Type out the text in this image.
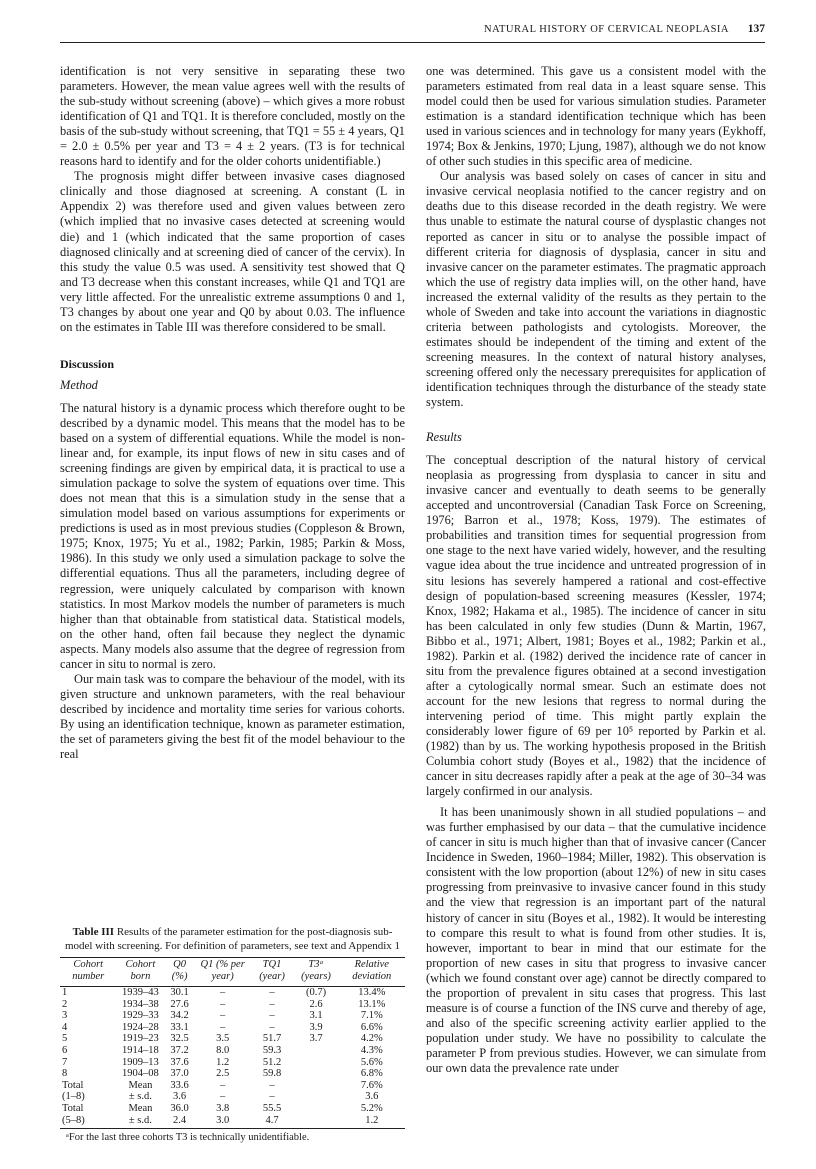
NATURAL HISTORY OF CERVICAL NEOPLASIA 137

identification is not very sensitive in separating these two parameters. However, the mean value agrees well with the results of the sub-study without screening (above) – which gives a more robust identification of Q1 and TQ1. It is therefore concluded, mostly on the basis of the sub-study without screening, that TQ1 = 55 ± 4 years, Q1 = 2.0 ± 0.5% per year and T3 = 4 ± 2 years. (T3 is for technical reasons hard to identify and for the older cohorts unidentifiable.)

The prognosis might differ between invasive cases diagnosed clinically and those diagnosed at screening. A constant (L in Appendix 2) was therefore used and given values between zero (which implied that no invasive cases detected at screening would die) and 1 (which indicated that the same proportion of cases diagnosed clinically and at screening died of cancer of the cervix). In this study the value 0.5 was used. A sensitivity test showed that Q and T3 decrease when this constant increases, while Q1 and TQ1 are very little affected. For the unrealistic extreme assumptions 0 and 1, T3 changes by about one year and Q0 by about 0.03. The influence on the estimates in Table III was therefore considered to be small.

Discussion
Method

The natural history is a dynamic process which therefore ought to be described by a dynamic model. This means that the model has to be based on a system of differential equations. While the model is non-linear and, for example, its input flows of new in situ cases and of screening findings are given by empirical data, it is practical to use a simulation package to solve the system of equations over time. This does not mean that this is a simulation study in the sense that a simulation model based on various assumptions for experiments or predictions is used as in most previous studies (Coppleson & Brown, 1975; Knox, 1975; Yu et al., 1982; Parkin, 1985; Parkin & Moss, 1986). In this study we only used a simulation package to solve the differential equations. Thus all the parameters, including degree of regression, were uniquely calculated by comparison with known statistics. In most Markov models the number of parameters is much higher than that obtainable from statistical data. Statistical models, on the other hand, often fail because they neglect the dynamic aspects. Many models also assume that the degree of regression from cancer in situ to normal is zero.

Our main task was to compare the behaviour of the model, with its given structure and unknown parameters, with the real behaviour described by incidence and mortality time series for various cohorts. By using an identification technique, known as parameter estimation, the set of parameters giving the best fit of the model behaviour to the real

Table III Results of the parameter estimation for the post-diagnosis sub-model with screening. For definition of parameters, see text and Appendix 1
Cohort number	Cohort born	Q0 (%)	Q1 (% per year)	TQ1 (year)	T3ᵃ (years)	Relative deviation
1	1939–43	30.1	–	–	(0.7)	13.4%
2	1934–38	27.6	–	–	2.6	13.1%
3	1929–33	34.2	–	–	3.1	7.1%
4	1924–28	33.1	–	–	3.9	6.6%
5	1919–23	32.5	3.5	51.7	3.7	4.2%
6	1914–18	37.2	8.0	59.3		4.3%
7	1909–13	37.6	1.2	51.2		5.6%
8	1904–08	37.0	2.5	59.8		6.8%
Total	Mean	33.6	–	–		7.6%
(1–8)	± s.d.	3.6	–	–		3.6
Total	Mean	36.0	3.8	55.5		5.2%
(5–8)	± s.d.	2.4	3.0	4.7		1.2
ᵃFor the last three cohorts T3 is technically unidentifiable.

one was determined. This gave us a consistent model with the parameters estimated from real data in a least square sense. This model could then be used for various simulation studies. Parameter estimation is a standard identification technique which has been used in various sciences and in technology for many years (Eykhoff, 1974; Box & Jenkins, 1970; Ljung, 1987), although we do not know of other such studies in this specific area of medicine.

Our analysis was based solely on cases of cancer in situ and invasive cervical neoplasia notified to the cancer registry and on deaths due to this disease recorded in the death registry. We were thus unable to estimate the natural course of dysplastic changes not reported as cancer in situ or to analyse the possible impact of different criteria for diagnosis of dysplasia, cancer in situ and invasive cancer on the parameter estimates. The pragmatic approach which the use of registry data implies will, on the other hand, have increased the external validity of the results as they pertain to the whole of Sweden and take into account the variations in diagnostic criteria between pathologists and cytologists. Moreover, the estimates should be independent of the timing and extent of the screening measures. In the context of natural history analyses, screening offered only the necessary prerequisites for application of identification techniques through the disturbance of the steady state system.

Results

The conceptual description of the natural history of cervical neoplasia as progressing from dysplasia to cancer in situ and invasive cancer and eventually to death seems to be generally accepted and uncontroversial (Canadian Task Force on Screening, 1976; Barron et al., 1978; Koss, 1979). The estimates of probabilities and transition times for sequential progression from one stage to the next have varied widely, however, and the resulting vague idea about the true incidence and untreated progression of in situ lesions has severely hampered a rational and cost-effective design of population-based screening measures (Kessler, 1974; Knox, 1982; Hakama et al., 1985). The incidence of cancer in situ has been calculated in only few studies (Dunn & Martin, 1967, Bibbo et al., 1971; Albert, 1981; Boyes et al., 1982; Parkin et al., 1982). Parkin et al. (1982) derived the incidence rate of cancer in situ from the prevalence figures obtained at a second investigation after a cytologically normal smear. Such an estimate does not account for the new lesions that regress to normal during the intervening period of time. This might partly explain the considerably lower figure of 69 per 10⁵ reported by Parkin et al. (1982) than by us. The working hypothesis proposed in the British Columbia cohort study (Boyes et al., 1982) that the incidence of cancer in situ decreases rapidly after a peak at the age of 30–34 was largely confirmed in our analysis.

It has been unanimously shown in all studied populations – and was further emphasised by our data – that the cumulative incidence of cancer in situ is much higher than that of invasive cancer (Cancer Incidence in Sweden, 1960–1984; Miller, 1982). This observation is consistent with the low proportion (about 12%) of new in situ cases progressing from preinvasive to invasive cancer found in this study and the view that regression is an important part of the natural history of cancer in situ (Boyes et al., 1982). It would be interesting to compare this result to what is found from other studies. It is, however, important to bear in mind that our estimate for the proportion of new cases in situ that progress to invasive cancer (which we found constant over age) cannot be directly compared to the proportion of prevalent in situ cases that progress. This last measure is of course a function of the INS curve and thereby of age, and also of the specific screening activity earlier applied to the population under study. We have no possibility to calculate the parameter P from previous studies. However, we can simulate from our own data the prevalence rate under
